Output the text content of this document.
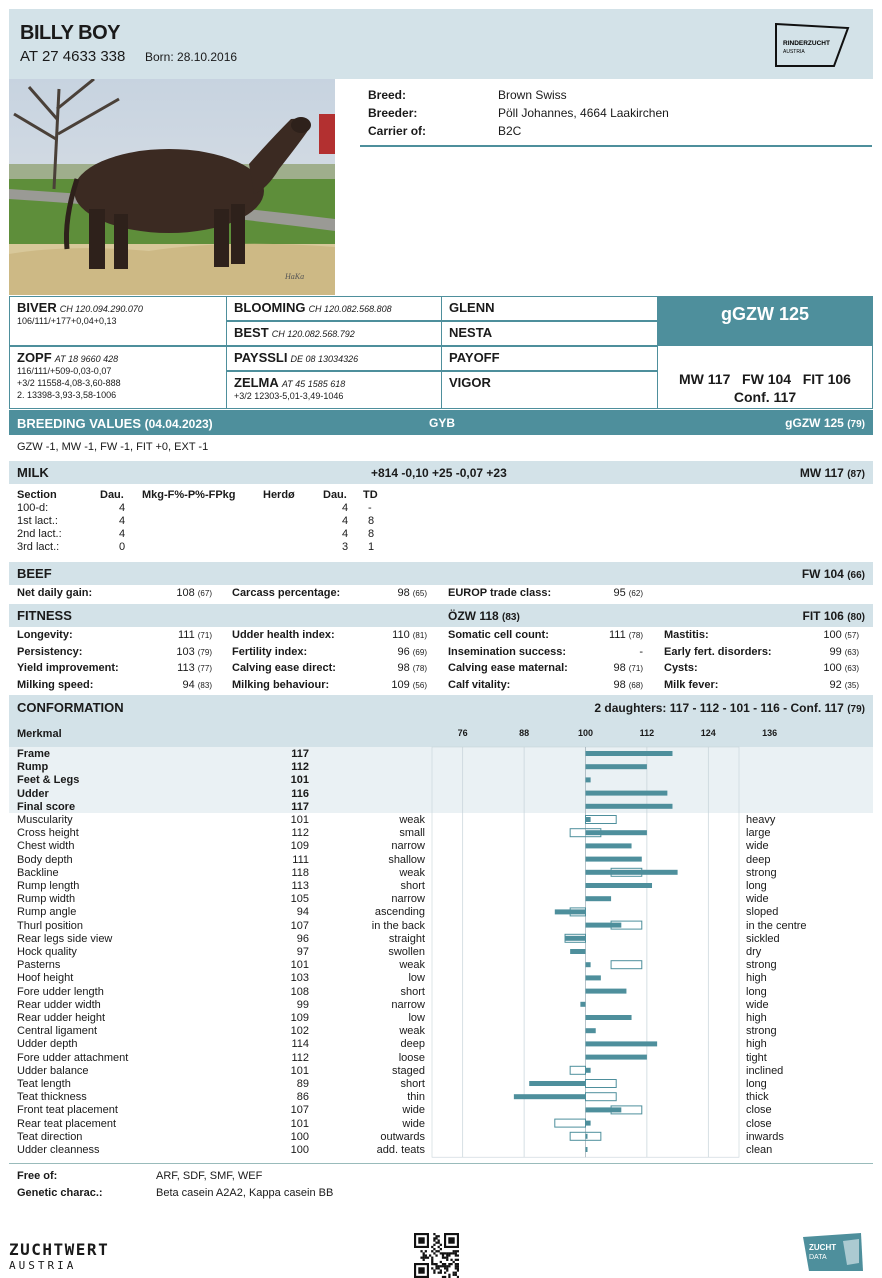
BILLY BOY
AT 27 4633 338 Born: 28.10.2016
RINDERZUCHT
AUSTRIA
HaKa
Breed:	Brown Swiss
Breeder:	Pöll Johannes, 4664 Laakirchen
Carrier of:	B2C
BIVER CH 120.094.290.070
106/111/+177+0,04+0,13
ZOPF AT 18 9660 428
116/111/+509-0,03-0,07
+3/2 11558-4,08-3,60-888
2. 13398-3,93-3,58-1006
BLOOMING CH 120.082.568.808
BEST CH 120.082.568.792
PAYSSLI DE 08 13034326
ZELMA AT 45 1585 618
+3/2 12303-5,01-3,49-1046
GLENN
NESTA
PAYOFF
VIGOR
gGZW 125
MW 117   FW 104   FIT 106
Conf. 117
BREEDING VALUES (04.04.2023)	GYB	gGZW 125 (79)
GZW -1, MW -1, FW -1, FIT +0, EXT -1
MILK	+814 -0,10 +25 -0,07 +23	MW 117 (87)
Section	Dau. Mkg-F%-P%-FPkg	Herdø	Dau. TD
100-d:	4	4 -
1st lact.:	4	4 8
2nd lact.:	4	4 8
3rd lact.:	0	3 1
BEEF	FW 104 (66)
Net daily gain:	108 (67) Carcass percentage:	98 (65) EUROP trade class:	95 (62)
FITNESS	ÖZW 118 (83)	FIT 106 (80)
Longevity:	111 (71)
Persistency:	103 (79)
Yield improvement:	113 (77)
Milking speed:	94 (83)
Udder health index:	110 (81)
Fertility index:	96 (69)
Calving ease direct:	98 (78)
Milking behaviour:	109 (56)
Somatic cell count:	111 (78)
Insemination success:	-
Calving ease maternal:	98 (71)
Calf vitality:	98 (68)
Mastitis:	100 (57)
Early fert. disorders:	99 (63)
Cysts:	100 (63)
Milk fever:	92 (35)
CONFORMATION	2 daughters: 117 - 112 - 101 - 116 - Conf. 117 (79)
Merkmal	76	88	100	112	124	136
Frame	117
Rump	112
Feet & Legs	101
Udder	116
Final score	117
Muscularity	101	weak	heavy
Cross height	112	small	large
Chest width	109	narrow	wide
Body depth	111	shallow	deep
Backline	118	weak	strong
Rump length	113	short	long
Rump width	105	narrow	wide
Rump angle	94	ascending	sloped
Thurl position	107	in the back	in the centre
Rear legs side view	96	straight	sickled
Hock quality	97	swollen	dry
Pasterns	101	weak	strong
Hoof height	103	low	high
Fore udder length	108	short	long
Rear udder width	99	narrow	wide
Rear udder height	109	low	high
Central ligament	102	weak	strong
Udder depth	114	deep	high
Fore udder attachment	112	loose	tight
Udder balance	101	staged	inclined
Teat length	89	short	long
Teat thickness	86	thin	thick
Front teat placement	107	wide	close
Rear teat placement	101	wide	close
Teat direction	100	outwards	inwards
Udder cleanness	100	add. teats	clean
Free of:	ARF, SDF, SMF, WEF
Genetic charac.:	Beta casein A2A2, Kappa casein BB
ZUCHTWERT
AUSTRIA
ZUCHT
DATA
